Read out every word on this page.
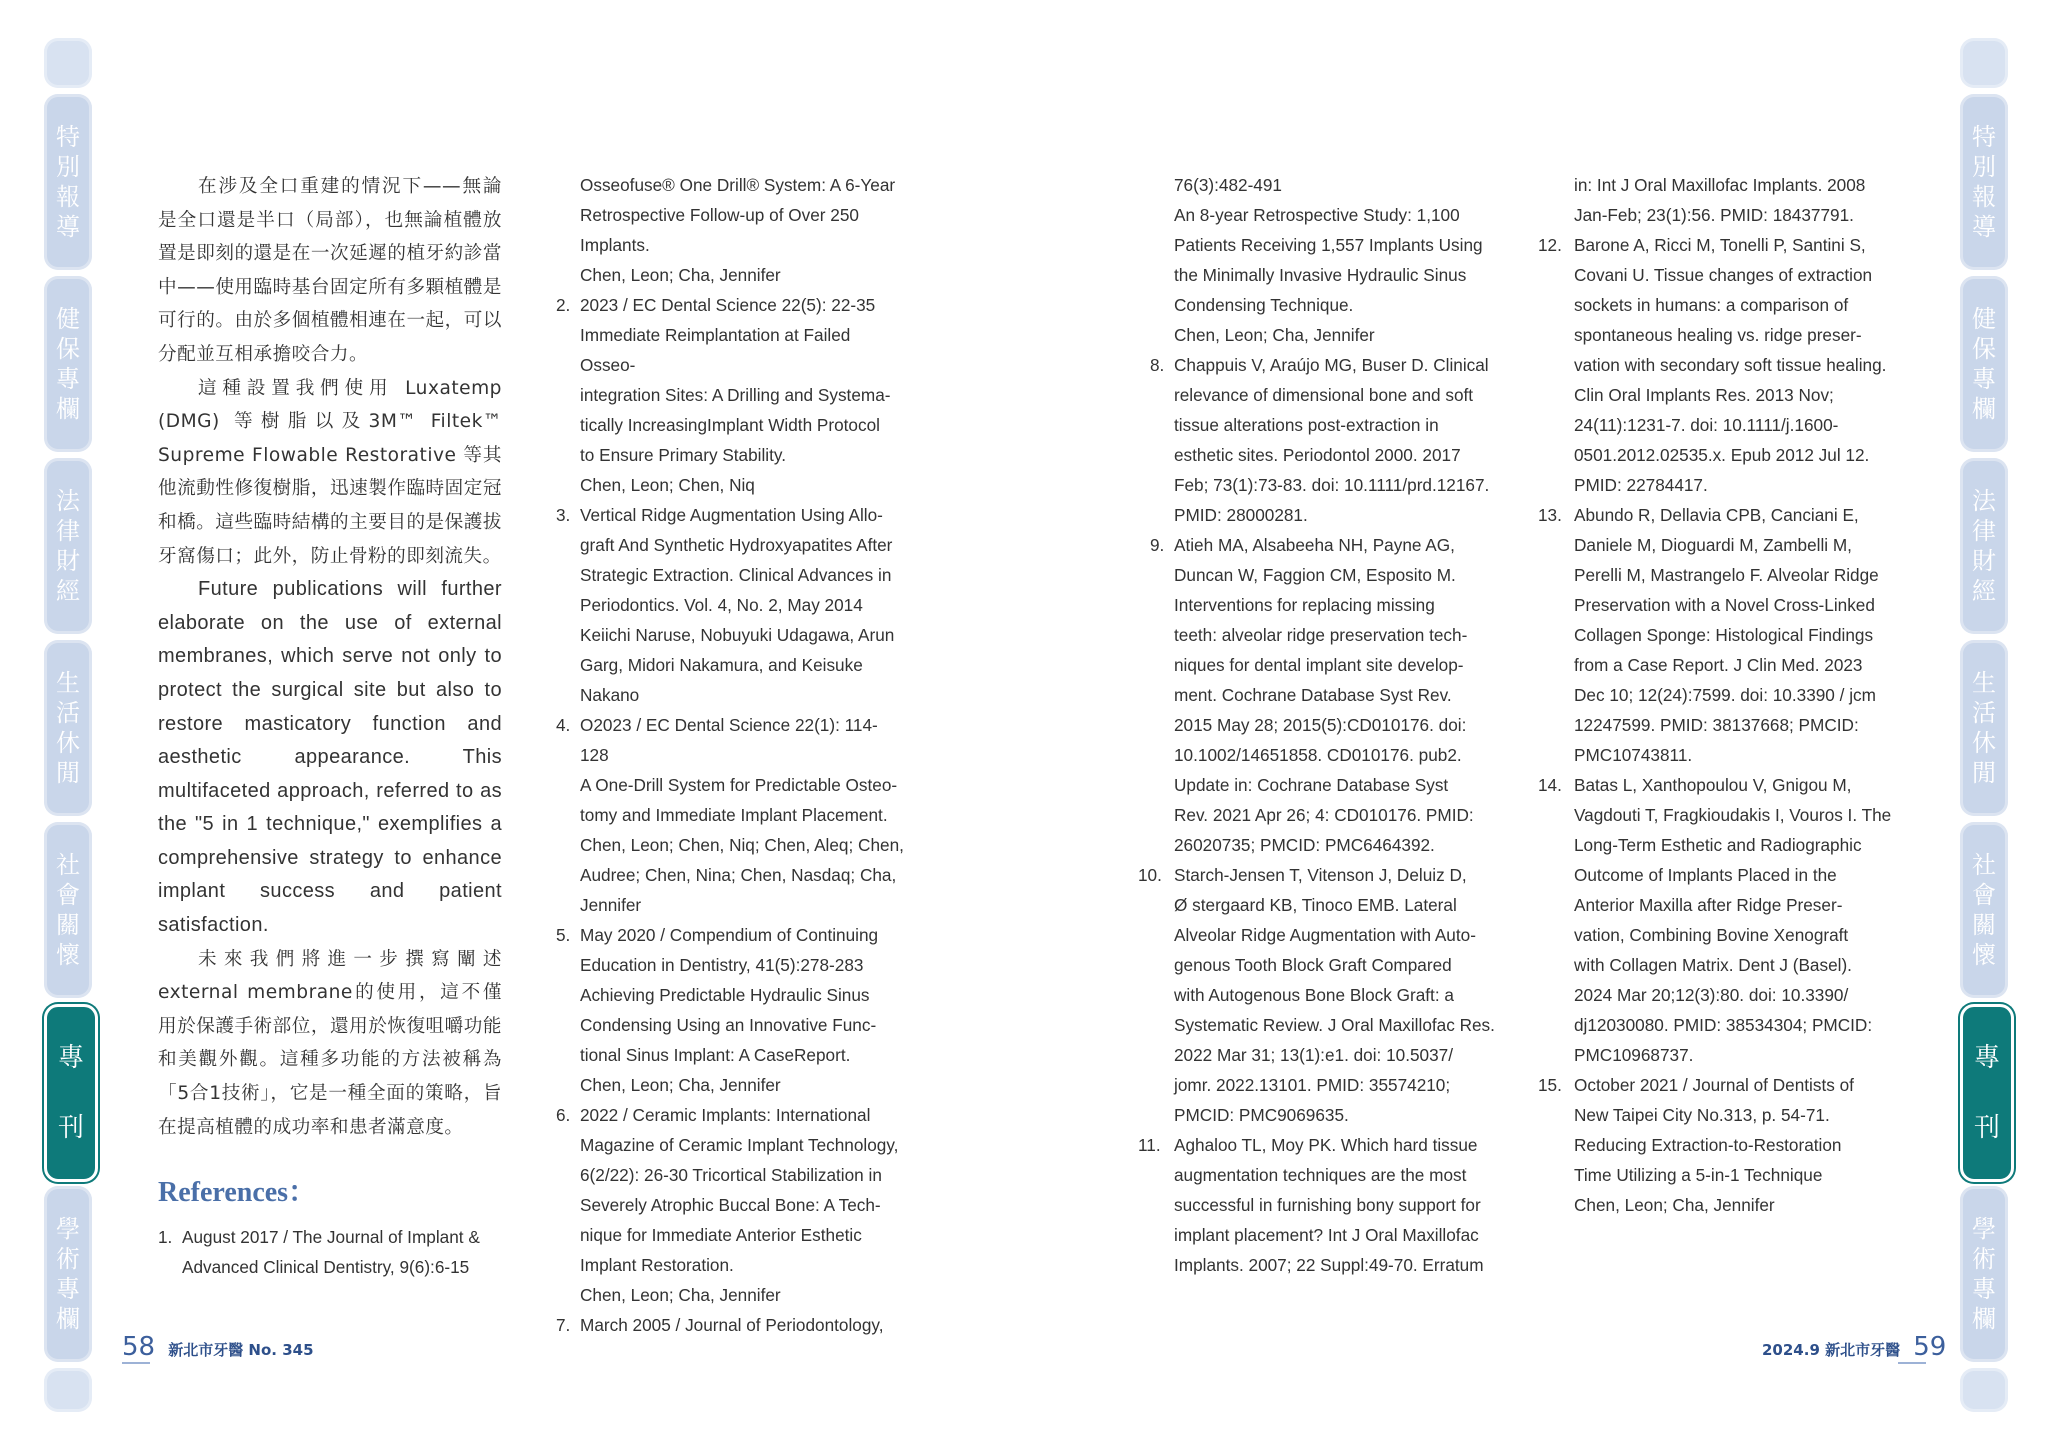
特
別
報
導
健
保
專
欄
法
律
財
經
生
活
休
閒
社
會
關
懷
專
刊
學
術
專
欄
特
別
報
導
健
保
專
欄
法
律
財
經
生
活
休
閒
社
會
關
懷
專
刊
學
術
專
欄

在涉及全口重建的情況下——無論是全口還是半口（局部），也無論植體放置是即刻的還是在一次延遲的植牙約診當中——使用臨時基台固定所有多顆植體是可行的。由於多個植體相連在一起，可以分配並互相承擔咬合力。

這種設置我們使用 Luxatemp (DMG) 等樹脂以及3M™ Filtek™ Supreme Flowable Restorative 等其他流動性修復樹脂，迅速製作臨時固定冠和橋。這些臨時結構的主要目的是保護拔牙窩傷口；此外，防止骨粉的即刻流失。

Future publications will further elaborate on the use of external membranes, which serve not only to protect the surgical site but also to restore masticatory function and aesthetic appearance. This multifaceted approach, referred to as the "5 in 1 technique," exemplifies a comprehensive strategy to enhance implant success and patient satisfaction.

未來我們將進一步撰寫闡述external membrane的使用，這不僅用於保護手術部位，還用於恢復咀嚼功能和美觀外觀。這種多功能的方法被稱為「5合1技術」，它是一種全面的策略，旨在提高植體的成功率和患者滿意度。

References：
1. August 2017 / The Journal of Implant &
Advanced Clinical Dentistry, 9(6):6-15
Osseofuse® One Drill® System: A 6-Year
Retrospective Follow-up of Over 250
Implants.
Chen, Leon; Cha, Jennifer
2. 2023 / EC Dental Science 22(5): 22-35
Immediate Reimplantation at Failed Osseo-
integration Sites: A Drilling and Systema-
tically IncreasingImplant Width Protocol
to Ensure Primary Stability.
Chen, Leon; Chen, Niq
3. Vertical Ridge Augmentation Using Allo-
graft And Synthetic Hydroxyapatites After
Strategic Extraction. Clinical Advances in
Periodontics. Vol. 4, No. 2, May 2014
Keiichi Naruse, Nobuyuki Udagawa, Arun
Garg, Midori Nakamura, and Keisuke
Nakano
4. O2023 / EC Dental Science 22(1): 114-128
A One-Drill System for Predictable Osteo-
tomy and Immediate Implant Placement.
Chen, Leon; Chen, Niq; Chen, Aleq; Chen,
Audree; Chen, Nina; Chen, Nasdaq; Cha,
Jennifer
5. May 2020 / Compendium of Continuing
Education in Dentistry, 41(5):278-283
Achieving Predictable Hydraulic Sinus
Condensing Using an Innovative Func-
tional Sinus Implant: A CaseReport.
Chen, Leon; Cha, Jennifer
6. 2022 / Ceramic Implants: International
Magazine of Ceramic Implant Technology,
6(2/22): 26-30 Tricortical Stabilization in
Severely Atrophic Buccal Bone: A Tech-
nique for Immediate Anterior Esthetic
Implant Restoration.
Chen, Leon; Cha, Jennifer
7. March 2005 / Journal of Periodontology,
76(3):482-491
An 8-year Retrospective Study: 1,100
Patients Receiving 1,557 Implants Using
the Minimally Invasive Hydraulic Sinus
Condensing Technique.
Chen, Leon; Cha, Jennifer
8. Chappuis V, Araújo MG, Buser D. Clinical
relevance of dimensional bone and soft
tissue alterations post-extraction in
esthetic sites. Periodontol 2000. 2017
Feb; 73(1):73-83. doi: 10.1111/prd.12167.
PMID: 28000281.
9. Atieh MA, Alsabeeha NH, Payne AG,
Duncan W, Faggion CM, Esposito M.
Interventions for replacing missing
teeth: alveolar ridge preservation tech-
niques for dental implant site develop-
ment. Cochrane Database Syst Rev.
2015 May 28; 2015(5):CD010176. doi:
10.1002/14651858. CD010176. pub2.
Update in: Cochrane Database Syst
Rev. 2021 Apr 26; 4: CD010176. PMID:
26020735; PMCID: PMC6464392.
10. Starch-Jensen T, Vitenson J, Deluiz D,
Ø stergaard KB, Tinoco EMB. Lateral
Alveolar Ridge Augmentation with Auto-
genous Tooth Block Graft Compared
with Autogenous Bone Block Graft: a
Systematic Review. J Oral Maxillofac Res.
2022 Mar 31; 13(1):e1. doi: 10.5037/
jomr. 2022.13101. PMID: 35574210;
PMCID: PMC9069635.
11. Aghaloo TL, Moy PK. Which hard tissue
augmentation techniques are the most
successful in furnishing bony support for
implant placement? Int J Oral Maxillofac
Implants. 2007; 22 Suppl:49-70. Erratum
in: Int J Oral Maxillofac Implants. 2008
Jan-Feb; 23(1):56. PMID: 18437791.
12. Barone A, Ricci M, Tonelli P, Santini S,
Covani U. Tissue changes of extraction
sockets in humans: a comparison of
spontaneous healing vs. ridge preser-
vation with secondary soft tissue healing.
Clin Oral Implants Res. 2013 Nov;
24(11):1231-7. doi: 10.1111/j.1600-
0501.2012.02535.x. Epub 2012 Jul 12.
PMID: 22784417.
13. Abundo R, Dellavia CPB, Canciani E,
Daniele M, Dioguardi M, Zambelli M,
Perelli M, Mastrangelo F. Alveolar Ridge
Preservation with a Novel Cross-Linked
Collagen Sponge: Histological Findings
from a Case Report. J Clin Med. 2023
Dec 10; 12(24):7599. doi: 10.3390 / jcm
12247599. PMID: 38137668; PMCID:
PMC10743811.
14. Batas L, Xanthopoulou V, Gnigou M,
Vagdouti T, Fragkioudakis I, Vouros I. The
Long-Term Esthetic and Radiographic
Outcome of Implants Placed in the
Anterior Maxilla after Ridge Preser-
vation, Combining Bovine Xenograft
with Collagen Matrix. Dent J (Basel).
2024 Mar 20;12(3):80. doi: 10.3390/
dj12030080. PMID: 38534304; PMCID:
PMC10968737.
15. October 2021 / Journal of Dentists of
New Taipei City No.313, p. 54-71.
Reducing Extraction-to-Restoration
Time Utilizing a 5-in-1 Technique
Chen, Leon; Cha, Jennifer
58 新北市牙醫 No. 345	2024.9 新北市牙醫 59
